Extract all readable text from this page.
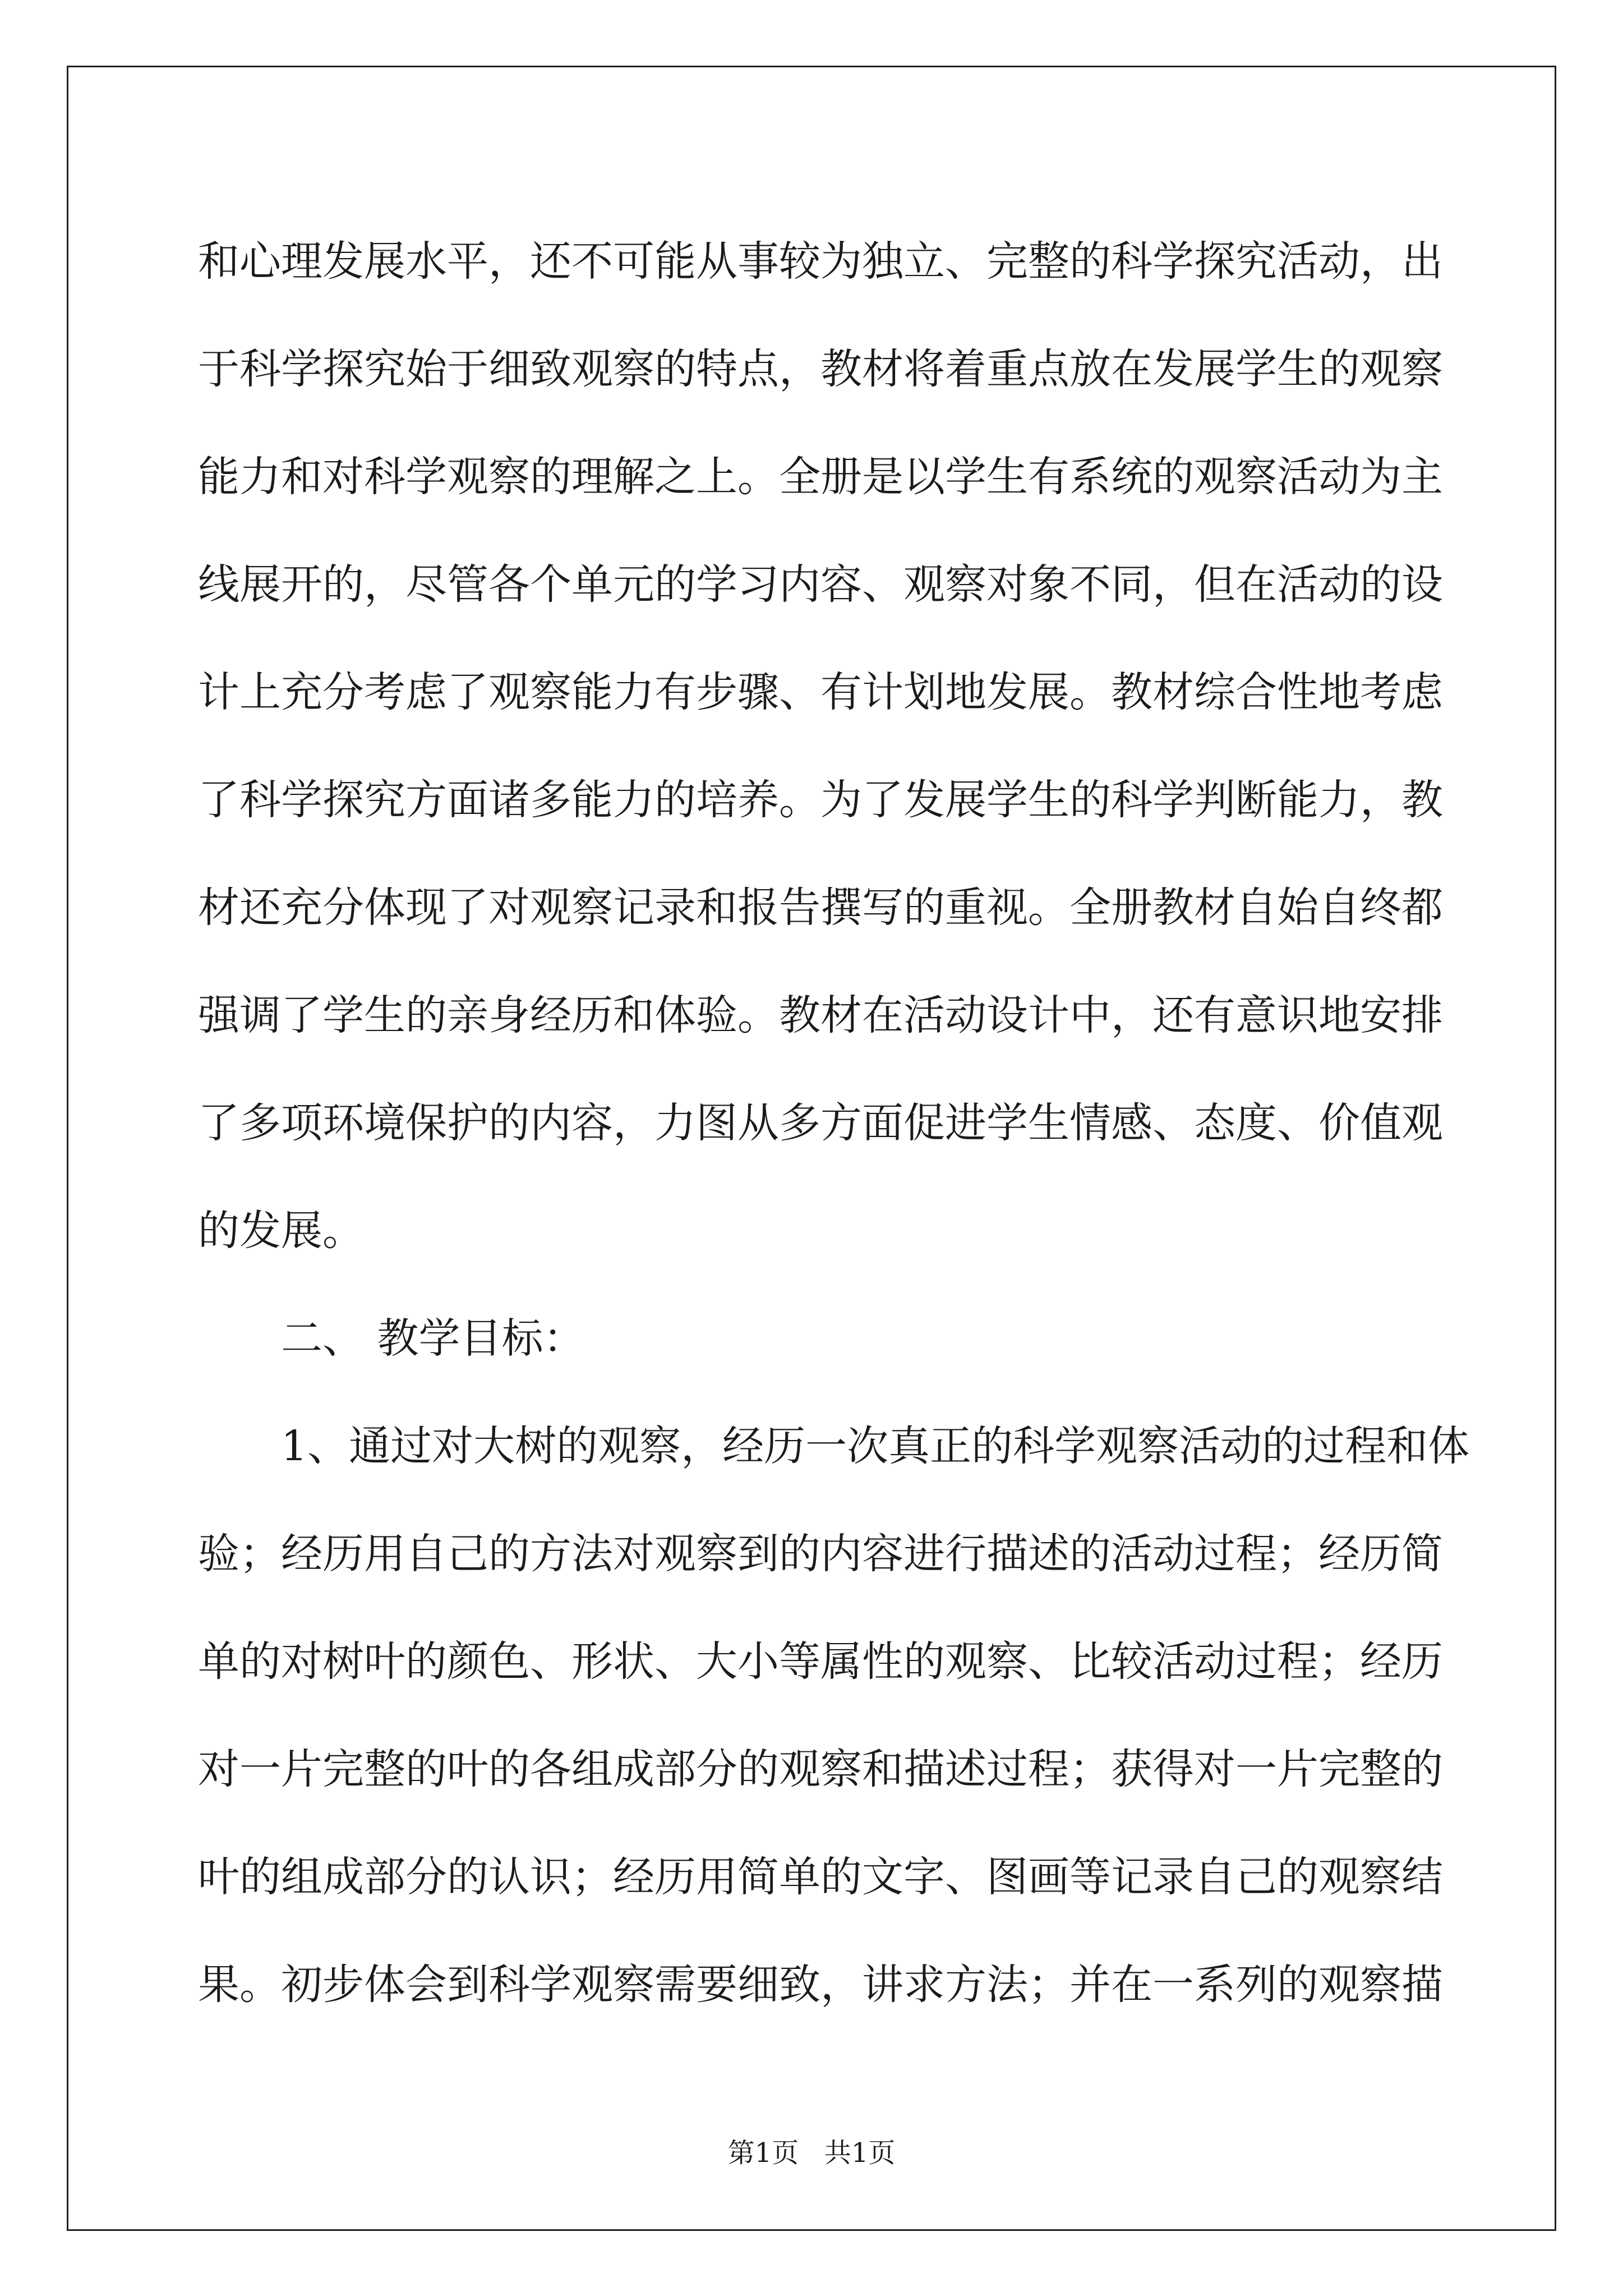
和心理发展水平，还不可能从事较为独立、完整的科学探究活动，出
于科学探究始于细致观察的特点，教材将着重点放在发展学生的观察
能力和对科学观察的理解之上。全册是以学生有系统的观察活动为主
线展开的，尽管各个单元的学习内容、观察对象不同，但在活动的设
计上充分考虑了观察能力有步骤、有计划地发展。教材综合性地考虑
了科学探究方面诸多能力的培养。为了发展学生的科学判断能力，教
材还充分体现了对观察记录和报告撰写的重视。全册教材自始自终都
强调了学生的亲身经历和体验。教材在活动设计中，还有意识地安排
了多项环境保护的内容，力图从多方面促进学生情感、态度、价值观
的发展。
二、 教学目标：
1、通过对大树的观察，经历一次真正的科学观察活动的过程和体
验；经历用自己的方法对观察到的内容进行描述的活动过程；经历简
单的对树叶的颜色、形状、大小等属性的观察、比较活动过程；经历
对一片完整的叶的各组成部分的观察和描述过程；获得对一片完整的
叶的组成部分的认识；经历用简单的文字、图画等记录自己的观察结
果。初步体会到科学观察需要细致，讲求方法；并在一系列的观察描
第1页   共1页
